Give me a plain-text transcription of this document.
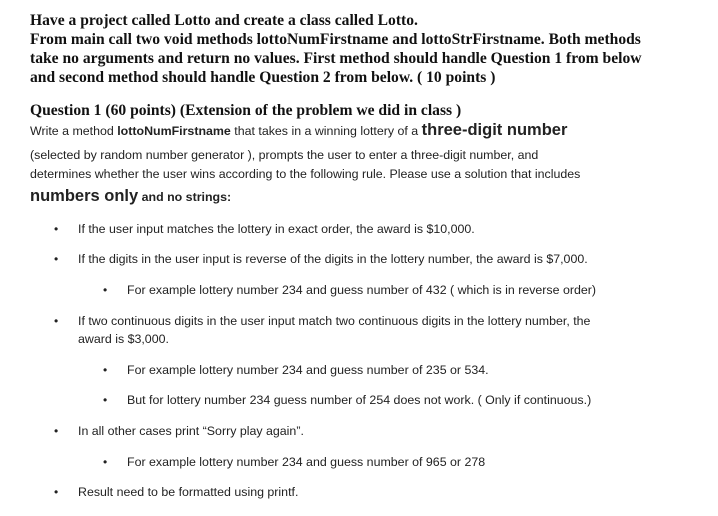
Have a project called Lotto and create a class called Lotto.
From main call two void methods lottoNumFirstname and lottoStrFirstname. Both methods
take no arguments and return no values. First method should handle Question 1 from below
and second method should handle Question 2 from below. ( 10 points )
Question 1 (60 points) (Extension of the problem we did in class )
Write a method lottoNumFirstname that takes in a winning lottery of a three-digit number
(selected by random number generator ), prompts the user to enter a three-digit number, and
determines whether the user wins according to the following rule. Please use a solution that includes
numbers only and no strings:
• If the user input matches the lottery in exact order, the award is $10,000.
• If the digits in the user input is reverse of the digits in the lottery number, the award is $7,000.
• For example lottery number 234 and guess number of 432 ( which is in reverse order)
• If two continuous digits in the user input match two continuous digits in the lottery number, the
award is $3,000.
• For example lottery number 234 and guess number of 235 or 534.
• But for lottery number 234 guess number of 254 does not work. ( Only if continuous.)
• In all other cases print “Sorry play again”.
• For example lottery number 234 and guess number of 965 or 278
• Result need to be formatted using printf.
